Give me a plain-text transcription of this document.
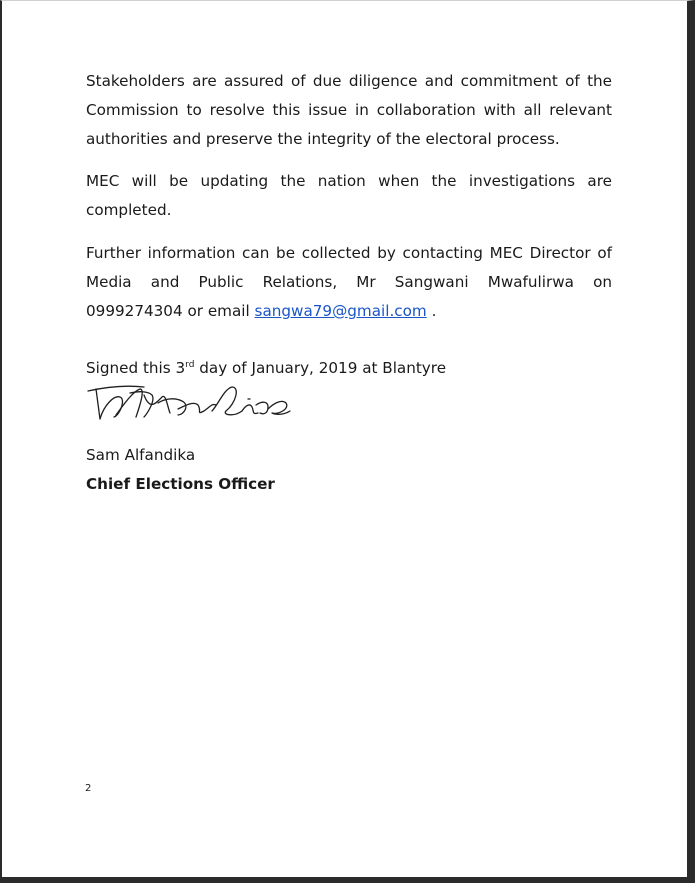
Stakeholders are assured of due diligence and commitment of the Commission to resolve this issue in collaboration with all relevant authorities and preserve the integrity of the electoral process.

MEC will be updating the nation when the investigations are completed.

Further information can be collected by contacting MEC Director of Media and Public Relations, Mr Sangwani Mwafulirwa on 0999274304 or email sangwa79@gmail.com .

Signed this 3rd day of January, 2019 at Blantyre

Sam Alfandika

Chief Elections Officer

2
